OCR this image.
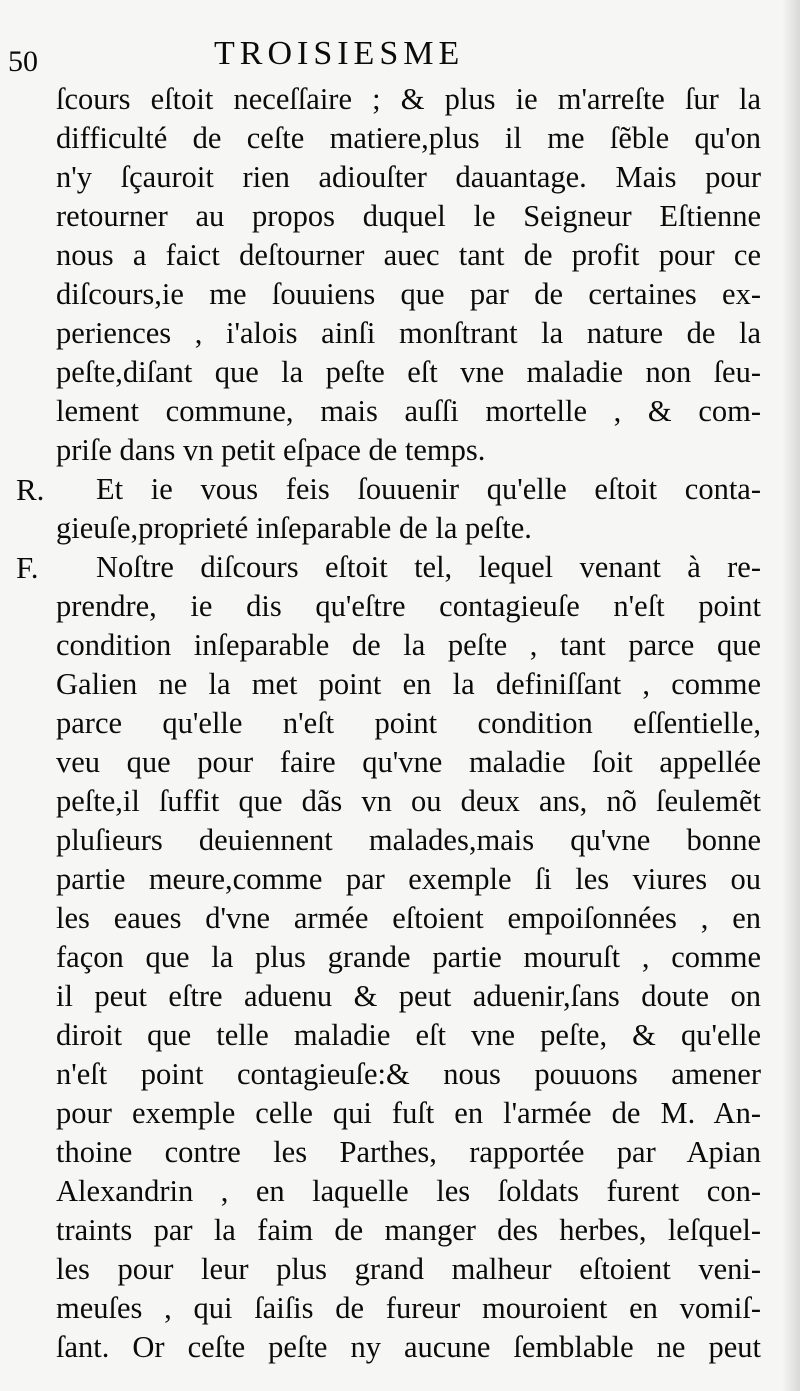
50	TROISIESME
ſcours eſtoit neceſſaire ; & plus ie m'arreſte ſur la
difficulté de ceſte matiere,plus il me ſẽble qu'on
n'y ſçauroit rien adiouſter dauantage. Mais pour
retourner au propos duquel le Seigneur Eſtienne
nous a faict deſtourner auec tant de profit pour ce
diſcours,ie me ſouuiens que par de certaines ex-
periences , i'alois ainſi monſtrant la nature de la
peſte,diſant que la peſte eſt vne maladie non ſeu-
lement commune, mais auſſi mortelle , & com-
priſe dans vn petit eſpace de temps.
R. Et ie vous feis ſouuenir qu'elle eſtoit conta-
gieuſe,proprieté inſeparable de la peſte.
F. Noſtre diſcours eſtoit tel, lequel venant à re-
prendre, ie dis qu'eſtre contagieuſe n'eſt point
condition inſeparable de la peſte , tant parce que
Galien ne la met point en la definiſſant , comme
parce qu'elle n'eſt point condition eſſentielle,
veu que pour faire qu'vne maladie ſoit appellée
peſte,il ſuffit que dãs vn ou deux ans, nõ ſeulemẽt
pluſieurs deuiennent malades,mais qu'vne bonne
partie meure,comme par exemple ſi les viures ou
les eaues d'vne armée eſtoient empoiſonnées , en
façon que la plus grande partie mouruſt , comme
il peut eſtre aduenu & peut aduenir,ſans doute on
diroit que telle maladie eſt vne peſte, & qu'elle
n'eſt point contagieuſe:& nous pouuons amener
pour exemple celle qui fuſt en l'armée de M. An-
thoine contre les Parthes, rapportée par Apian
Alexandrin , en laquelle les ſoldats furent con-
traints par la faim de manger des herbes, leſquel-
les pour leur plus grand malheur eſtoient veni-
meuſes , qui ſaiſis de fureur mouroient en vomiſ-
ſant. Or ceſte peſte ny aucune ſemblable ne peut
